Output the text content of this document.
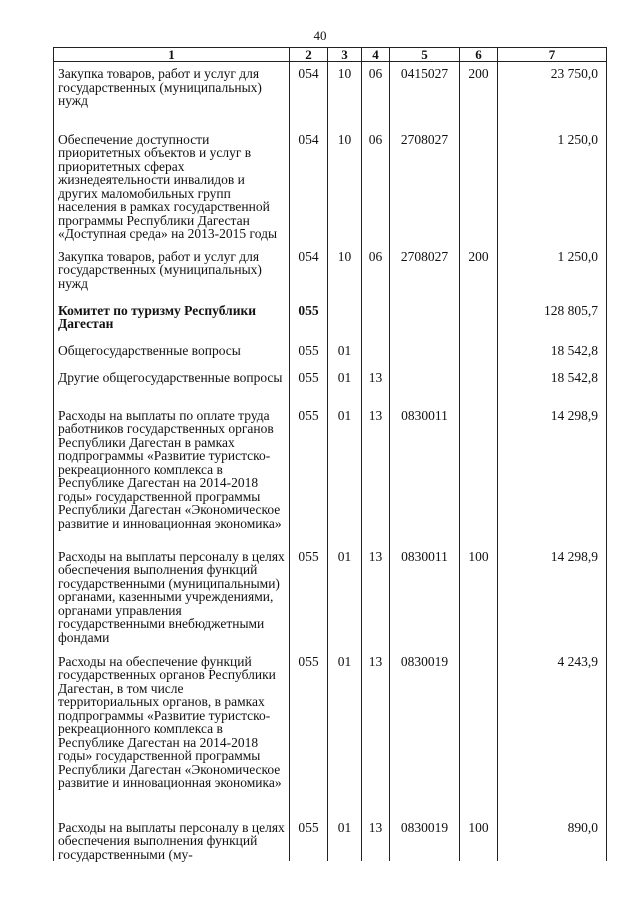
40
1	2	3	4	5	6	7
Закупка товаров, работ и услуг для государственных (муниципальных) нужд	054	10	06	0415027	200	23 750,0
Обеспечение доступности приоритетных объектов и услуг в приоритетных сферах жизнедеятельности инвалидов и других маломобильных групп населения в рамках государственной программы Республики Дагестан «Доступная среда» на 2013-2015 годы	054	10	06	2708027		1 250,0
Закупка товаров, работ и услуг для государственных (муниципальных) нужд	054	10	06	2708027	200	1 250,0
Комитет по туризму Республики Дагестан	055					128 805,7
Общегосударственные вопросы	055	01				18 542,8
Другие общегосударственные вопросы	055	01	13			18 542,8
Расходы на выплаты по оплате труда работников государственных органов Республики Дагестан в рамках подпрограммы «Развитие туристско-рекреационного комплекса в Республике Дагестан на 2014-2018 годы» государственной программы Республики Дагестан «Экономическое развитие и инновационная экономика»	055	01	13	0830011		14 298,9
Расходы на выплаты персоналу в целях обеспечения выполнения функций государственными (муниципальными) органами, казенными учреждениями, органами управления государственными внебюджетными фондами	055	01	13	0830011	100	14 298,9
Расходы на обеспечение функций государственных органов Республики Дагестан, в том числе территориальных органов, в рамках подпрограммы «Развитие туристско-рекреационного комплекса в Республике Дагестан на 2014-2018 годы» государственной программы Республики Дагестан «Экономическое развитие и инновационная экономика»	055	01	13	0830019		4 243,9
Расходы на выплаты персоналу в целях обеспечения выполнения функций государственными (му-	055	01	13	0830019	100	890,0
